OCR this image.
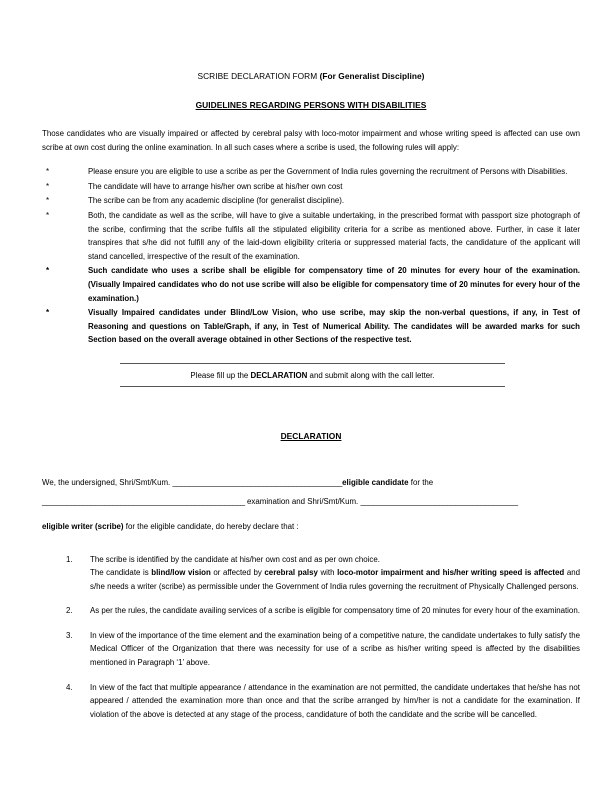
SCRIBE DECLARATION FORM (For Generalist Discipline)
GUIDELINES REGARDING PERSONS WITH DISABILITIES
Those candidates who are visually impaired or affected by cerebral palsy with loco-motor impairment and whose writing speed is affected can use own scribe at own cost during the online examination. In all such cases where a scribe is used, the following rules will apply:
*	Please ensure you are eligible to use a scribe as per the Government of India rules governing the recruitment of Persons with Disabilities.
*	The candidate will have to arrange his/her own scribe at his/her own cost
*	The scribe can be from any academic discipline (for generalist discipline).
*	Both, the candidate as well as the scribe, will have to give a suitable undertaking, in the prescribed format with passport size photograph of the scribe, confirming that the scribe fulfils all the stipulated eligibility criteria for a scribe as mentioned above. Further, in case it later transpires that s/he did not fulfill any of the laid-down eligibility criteria or suppressed material facts, the candidature of the applicant will stand cancelled, irrespective of the result of the examination.
*	Such candidate who uses a scribe shall be eligible for compensatory time of 20 minutes for every hour of the examination. (Visually Impaired candidates who do not use scribe will also be eligible for compensatory time of 20 minutes for every hour of the examination.)
*	Visually Impaired candidates under Blind/Low Vision, who use scribe, may skip the non-verbal questions, if any, in Test of Reasoning and questions on Table/Graph, if any, in Test of Numerical Ability. The candidates will be awarded marks for such Section based on the overall average obtained in other Sections of the respective test.
Please fill up the DECLARATION and submit along with the call letter.
DECLARATION
We, the undersigned, Shri/Smt/Kum. _________________________________________eligible candidate for the
_________________________________________________ examination and Shri/Smt/Kum. ______________________________________
eligible writer (scribe) for the eligible candidate, do hereby declare that :
1. The scribe is identified by the candidate at his/her own cost and as per own choice.
The candidate is blind/low vision or affected by cerebral palsy with loco-motor impairment and his/her writing speed is affected and s/he needs a writer (scribe) as permissible under the Government of India rules governing the recruitment of Physically Challenged persons.
2. As per the rules, the candidate availing services of a scribe is eligible for compensatory time of 20 minutes for every hour of the examination.
3. In view of the importance of the time element and the examination being of a competitive nature, the candidate undertakes to fully satisfy the Medical Officer of the Organization that there was necessity for use of a scribe as his/her writing speed is affected by the disabilities mentioned in Paragraph ‘1’ above.
4. In view of the fact that multiple appearance / attendance in the examination are not permitted, the candidate undertakes that he/she has not appeared / attended the examination more than once and that the scribe arranged by him/her is not a candidate for the examination. If violation of the above is detected at any stage of the process, candidature of both the candidate and the scribe will be cancelled.
